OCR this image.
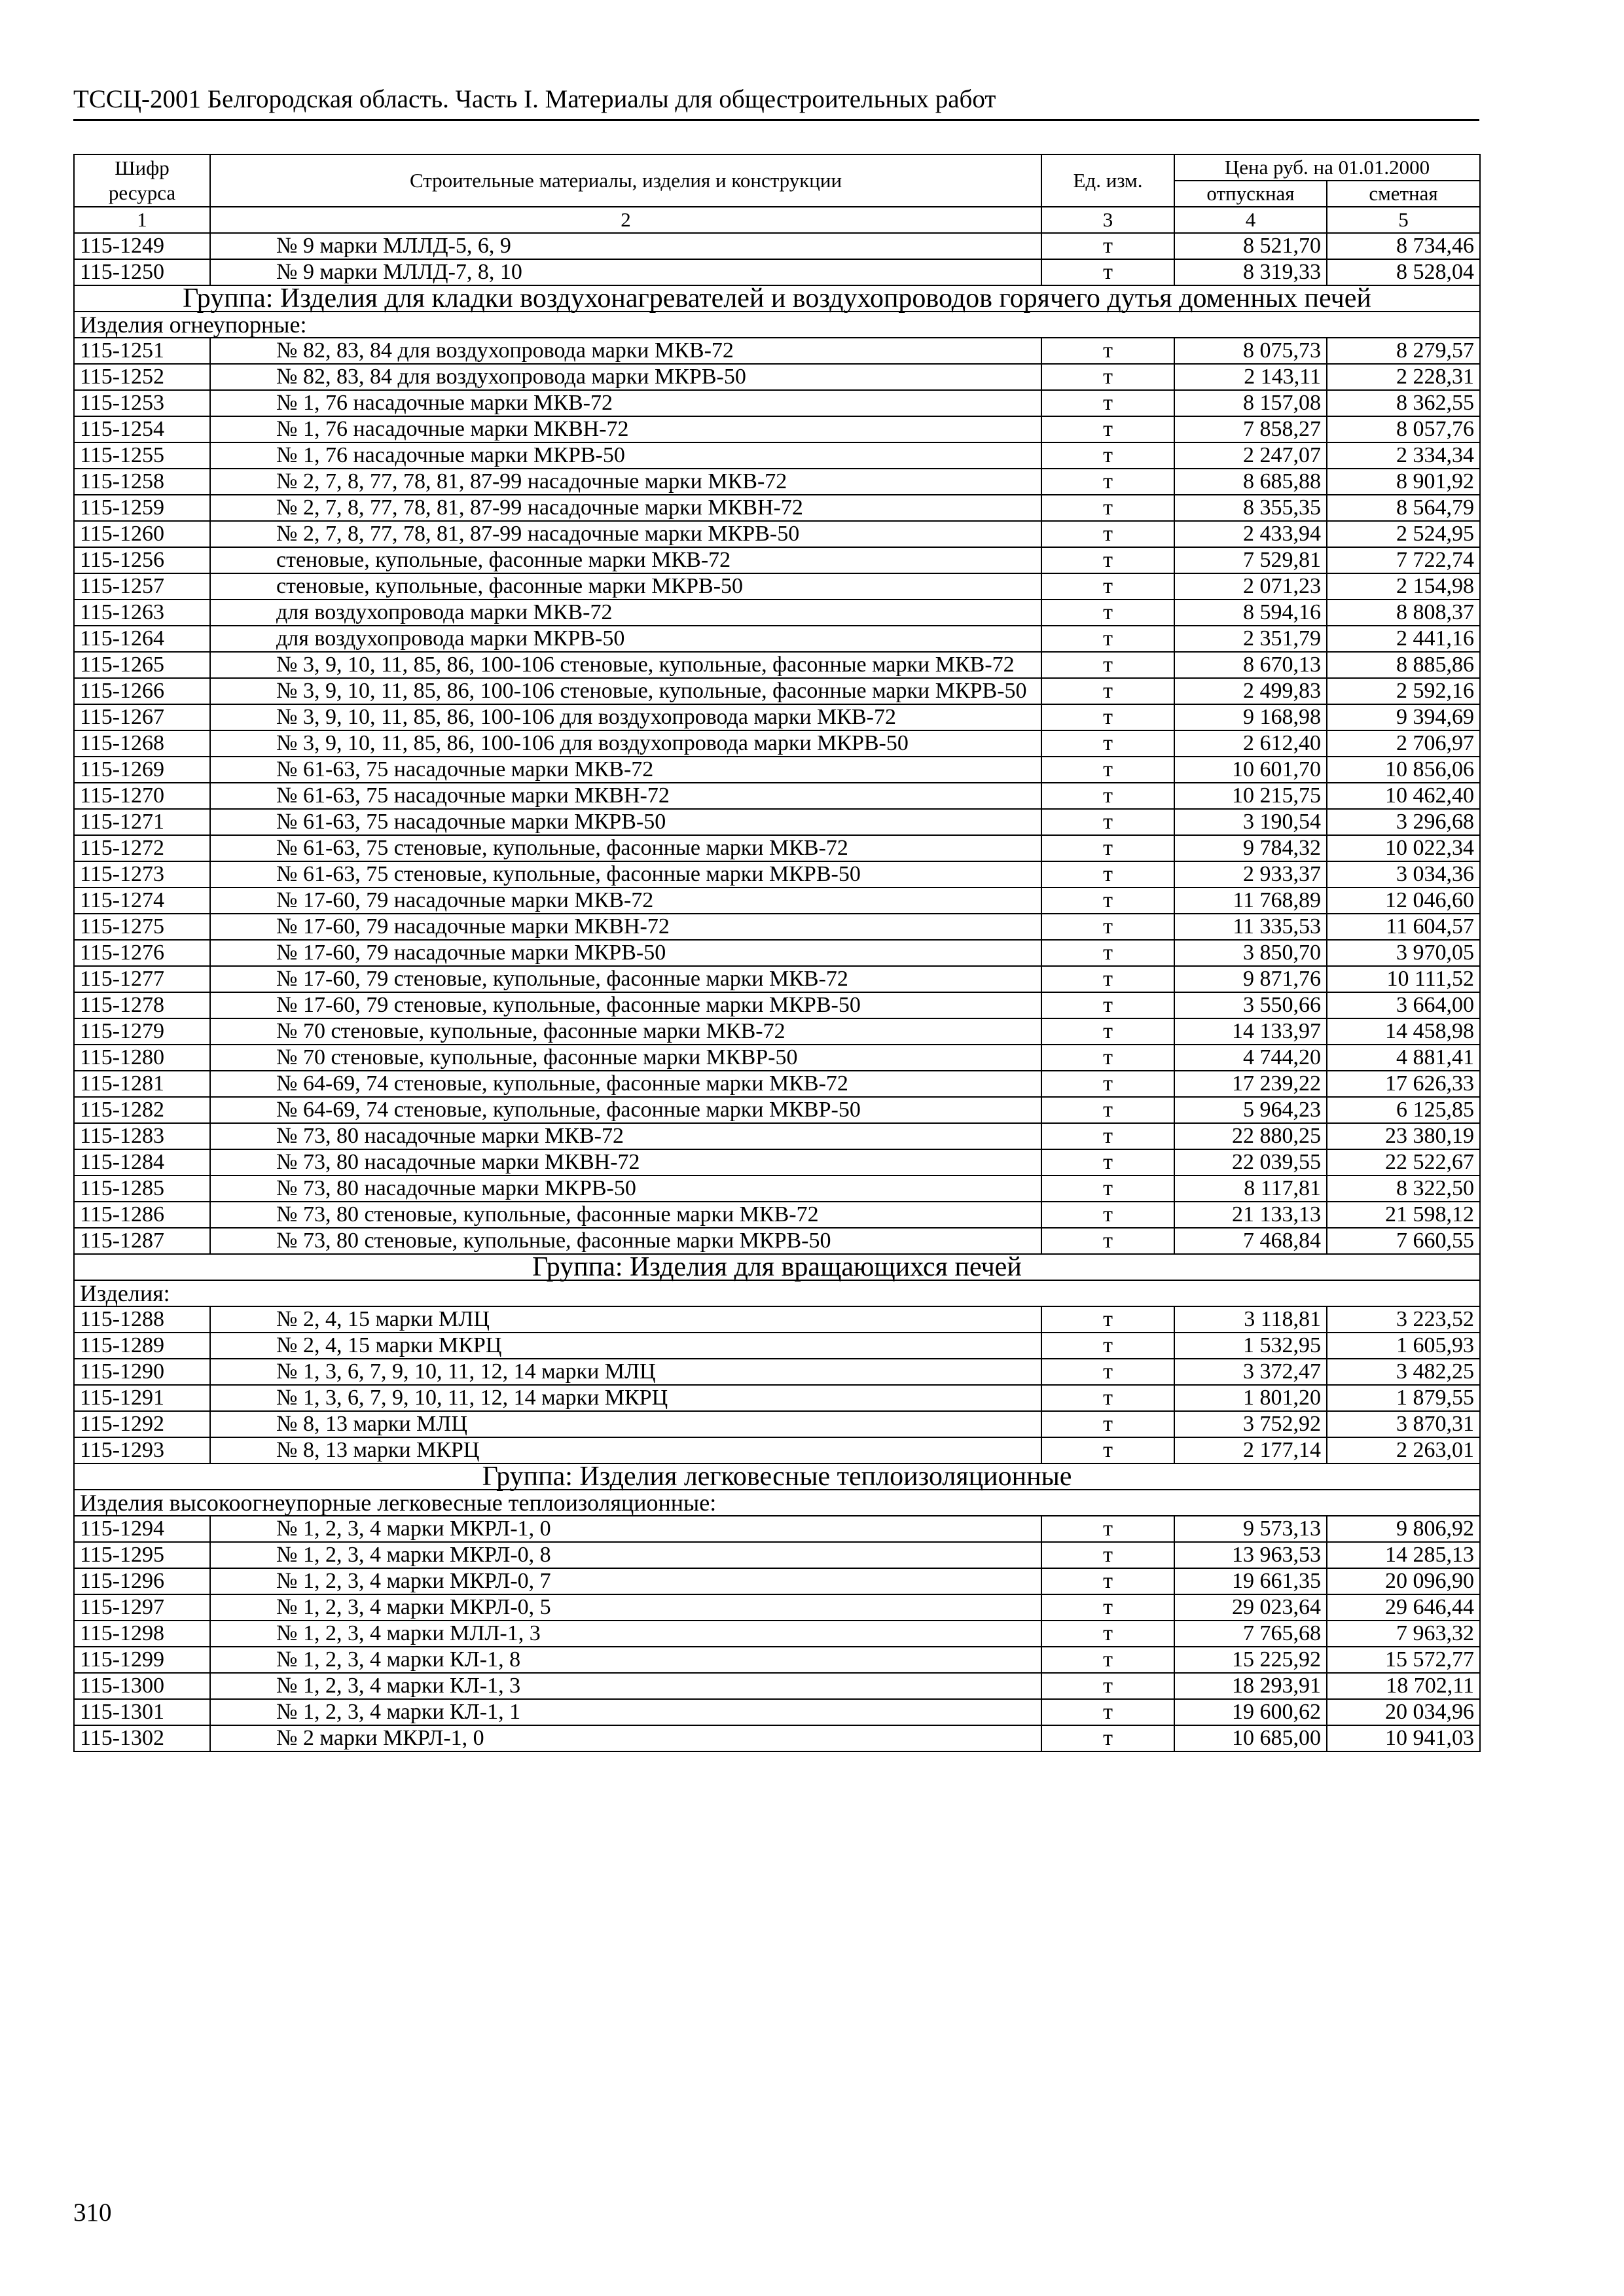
ТССЦ-2001 Белгородская область. Часть I. Материалы для общестроительных работ
Шифр ресурса	Строительные материалы, изделия и конструкции	Ед. изм.	Цена руб. на 01.01.2000	
			отпускная	сметная
1	2	3	4	5
115-1249	№ 9 марки МЛЛД-5, 6, 9	т	8 521,70	8 734,46
115-1250	№ 9 марки МЛЛД-7, 8, 10	т	8 319,33	8 528,04
Группа: Изделия для кладки воздухонагревателей и воздухопроводов горячего дутья доменных печей				
Изделия огнеупорные:				
115-1251	№ 82, 83, 84 для воздухопровода марки МКВ-72	т	8 075,73	8 279,57
115-1252	№ 82, 83, 84 для воздухопровода марки МКРВ-50	т	2 143,11	2 228,31
115-1253	№ 1, 76 насадочные марки МКВ-72	т	8 157,08	8 362,55
115-1254	№ 1, 76 насадочные марки МКВН-72	т	7 858,27	8 057,76
115-1255	№ 1, 76 насадочные марки МКРВ-50	т	2 247,07	2 334,34
115-1258	№ 2, 7, 8, 77, 78, 81, 87-99 насадочные марки МКВ-72	т	8 685,88	8 901,92
115-1259	№ 2, 7, 8, 77, 78, 81, 87-99 насадочные марки МКВН-72	т	8 355,35	8 564,79
115-1260	№ 2, 7, 8, 77, 78, 81, 87-99 насадочные марки МКРВ-50	т	2 433,94	2 524,95
115-1256	стеновые, купольные, фасонные марки МКВ-72	т	7 529,81	7 722,74
115-1257	стеновые, купольные, фасонные марки МКРВ-50	т	2 071,23	2 154,98
115-1263	для воздухопровода марки МКВ-72	т	8 594,16	8 808,37
115-1264	для воздухопровода марки МКРВ-50	т	2 351,79	2 441,16
115-1265	№ 3, 9, 10, 11, 85, 86, 100-106 стеновые, купольные, фасонные марки МКВ-72	т	8 670,13	8 885,86
115-1266	№ 3, 9, 10, 11, 85, 86, 100-106 стеновые, купольные, фасонные марки МКРВ-50	т	2 499,83	2 592,16
115-1267	№ 3, 9, 10, 11, 85, 86, 100-106 для воздухопровода марки МКВ-72	т	9 168,98	9 394,69
115-1268	№ 3, 9, 10, 11, 85, 86, 100-106 для воздухопровода марки МКРВ-50	т	2 612,40	2 706,97
115-1269	№ 61-63, 75 насадочные марки МКВ-72	т	10 601,70	10 856,06
115-1270	№ 61-63, 75 насадочные марки МКВН-72	т	10 215,75	10 462,40
115-1271	№ 61-63, 75 насадочные марки МКРВ-50	т	3 190,54	3 296,68
115-1272	№ 61-63, 75 стеновые, купольные, фасонные марки МКВ-72	т	9 784,32	10 022,34
115-1273	№ 61-63, 75 стеновые, купольные, фасонные марки МКРВ-50	т	2 933,37	3 034,36
115-1274	№ 17-60, 79 насадочные марки МКВ-72	т	11 768,89	12 046,60
115-1275	№ 17-60, 79 насадочные марки МКВН-72	т	11 335,53	11 604,57
115-1276	№ 17-60, 79 насадочные марки МКРВ-50	т	3 850,70	3 970,05
115-1277	№ 17-60, 79 стеновые, купольные, фасонные марки МКВ-72	т	9 871,76	10 111,52
115-1278	№ 17-60, 79 стеновые, купольные, фасонные марки МКРВ-50	т	3 550,66	3 664,00
115-1279	№ 70 стеновые, купольные, фасонные марки МКВ-72	т	14 133,97	14 458,98
115-1280	№ 70 стеновые, купольные, фасонные марки МКВР-50	т	4 744,20	4 881,41
115-1281	№ 64-69, 74 стеновые, купольные, фасонные марки МКВ-72	т	17 239,22	17 626,33
115-1282	№ 64-69, 74 стеновые, купольные, фасонные марки МКВР-50	т	5 964,23	6 125,85
115-1283	№ 73, 80 насадочные марки МКВ-72	т	22 880,25	23 380,19
115-1284	№ 73, 80 насадочные марки МКВН-72	т	22 039,55	22 522,67
115-1285	№ 73, 80 насадочные марки МКРВ-50	т	8 117,81	8 322,50
115-1286	№ 73, 80 стеновые, купольные, фасонные марки МКВ-72	т	21 133,13	21 598,12
115-1287	№ 73, 80 стеновые, купольные, фасонные марки МКРВ-50	т	7 468,84	7 660,55
Группа: Изделия для вращающихся печей				
Изделия:				
115-1288	№ 2, 4, 15 марки МЛЦ	т	3 118,81	3 223,52
115-1289	№ 2, 4, 15 марки МКРЦ	т	1 532,95	1 605,93
115-1290	№ 1, 3, 6, 7, 9, 10, 11, 12, 14 марки МЛЦ	т	3 372,47	3 482,25
115-1291	№ 1, 3, 6, 7, 9, 10, 11, 12, 14 марки МКРЦ	т	1 801,20	1 879,55
115-1292	№ 8, 13 марки МЛЦ	т	3 752,92	3 870,31
115-1293	№ 8, 13 марки МКРЦ	т	2 177,14	2 263,01
Группа: Изделия легковесные теплоизоляционные				
Изделия высокоогнеупорные легковесные теплоизоляционные:				
115-1294	№ 1, 2, 3, 4 марки МКРЛ-1, 0	т	9 573,13	9 806,92
115-1295	№ 1, 2, 3, 4 марки МКРЛ-0, 8	т	13 963,53	14 285,13
115-1296	№ 1, 2, 3, 4 марки МКРЛ-0, 7	т	19 661,35	20 096,90
115-1297	№ 1, 2, 3, 4 марки МКРЛ-0, 5	т	29 023,64	29 646,44
115-1298	№ 1, 2, 3, 4 марки МЛЛ-1, 3	т	7 765,68	7 963,32
115-1299	№ 1, 2, 3, 4 марки КЛ-1, 8	т	15 225,92	15 572,77
115-1300	№ 1, 2, 3, 4 марки КЛ-1, 3	т	18 293,91	18 702,11
115-1301	№ 1, 2, 3, 4 марки КЛ-1, 1	т	19 600,62	20 034,96
115-1302	№ 2 марки МКРЛ-1, 0	т	10 685,00	10 941,03
310
